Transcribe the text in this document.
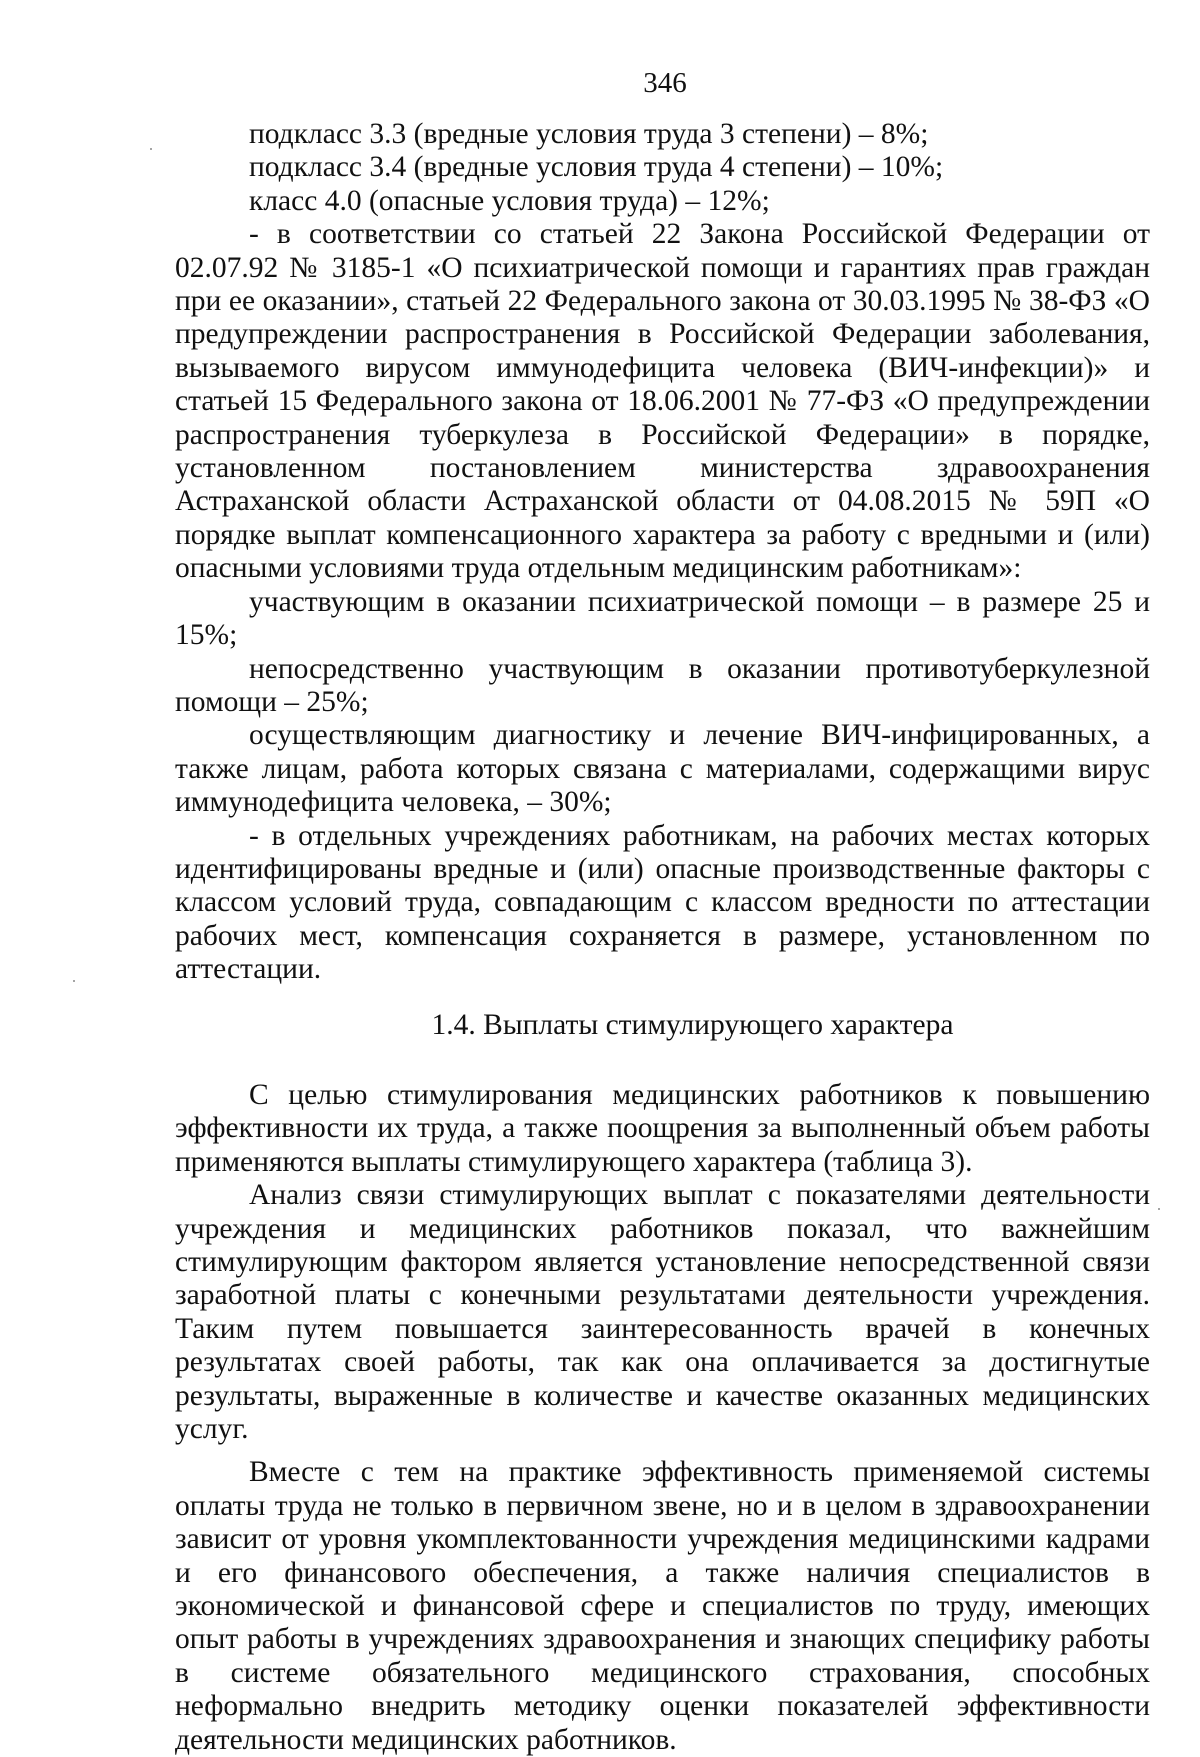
346

подкласс 3.3 (вредные условия труда 3 степени) – 8%;

подкласс 3.4 (вредные условия труда 4 степени) – 10%;

класс 4.0 (опасные условия труда) – 12%;

- в соответствии со статьей 22 Закона Российской Федерации от 02.07.92 № 3185-1 «О психиатрической помощи и гарантиях прав граждан при ее оказании», статьей 22 Федерального закона от 30.03.1995 № 38-ФЗ «О предупреждении распространения в Российской Федерации заболевания, вызываемого вирусом иммунодефицита человека (ВИЧ-инфекции)» и статьей 15 Федерального закона от 18.06.2001 № 77-ФЗ «О предупреждении распространения туберкулеза в Российской Федерации» в порядке, установленном постановлением министерства здравоохранения Астраханской области Астраханской области от 04.08.2015 № 59П «О порядке выплат компенсационного характера за работу с вредными и (или) опасными условиями труда отдельным медицинским работникам»:

участвующим в оказании психиатрической помощи – в размере 25 и 15%;

непосредственно участвующим в оказании противотуберкулезной помощи – 25%;

осуществляющим диагностику и лечение ВИЧ-инфицированных, а также лицам, работа которых связана с материалами, содержащими вирус иммунодефицита человека, – 30%;

- в отдельных учреждениях работникам, на рабочих местах которых идентифицированы вредные и (или) опасные производственные факторы с классом условий труда, совпадающим с классом вредности по аттестации рабочих мест, компенсация сохраняется в размере, установленном по аттестации.

1.4. Выплаты стимулирующего характера

С целью стимулирования медицинских работников к повышению эффективности их труда, а также поощрения за выполненный объем работы применяются выплаты стимулирующего характера (таблица 3).

Анализ связи стимулирующих выплат с показателями деятельности учреждения и медицинских работников показал, что важнейшим стимулирующим фактором является установление непосредственной связи заработной платы с конечными результатами деятельности учреждения. Таким путем повышается заинтересованность врачей в конечных результатах своей работы, так как она оплачивается за достигнутые результаты, выраженные в количестве и качестве оказанных медицинских услуг.

Вместе с тем на практике эффективность применяемой системы оплаты труда не только в первичном звене, но и в целом в здравоохранении зависит от уровня укомплектованности учреждения медицинскими кадрами и его финансового обеспечения, а также наличия специалистов в экономической и финансовой сфере и специалистов по труду, имеющих опыт работы в учреждениях здравоохранения и знающих специфику работы в системе обязательного медицинского страхования, способных неформально внедрить методику оценки показателей эффективности деятельности медицинских работников.
